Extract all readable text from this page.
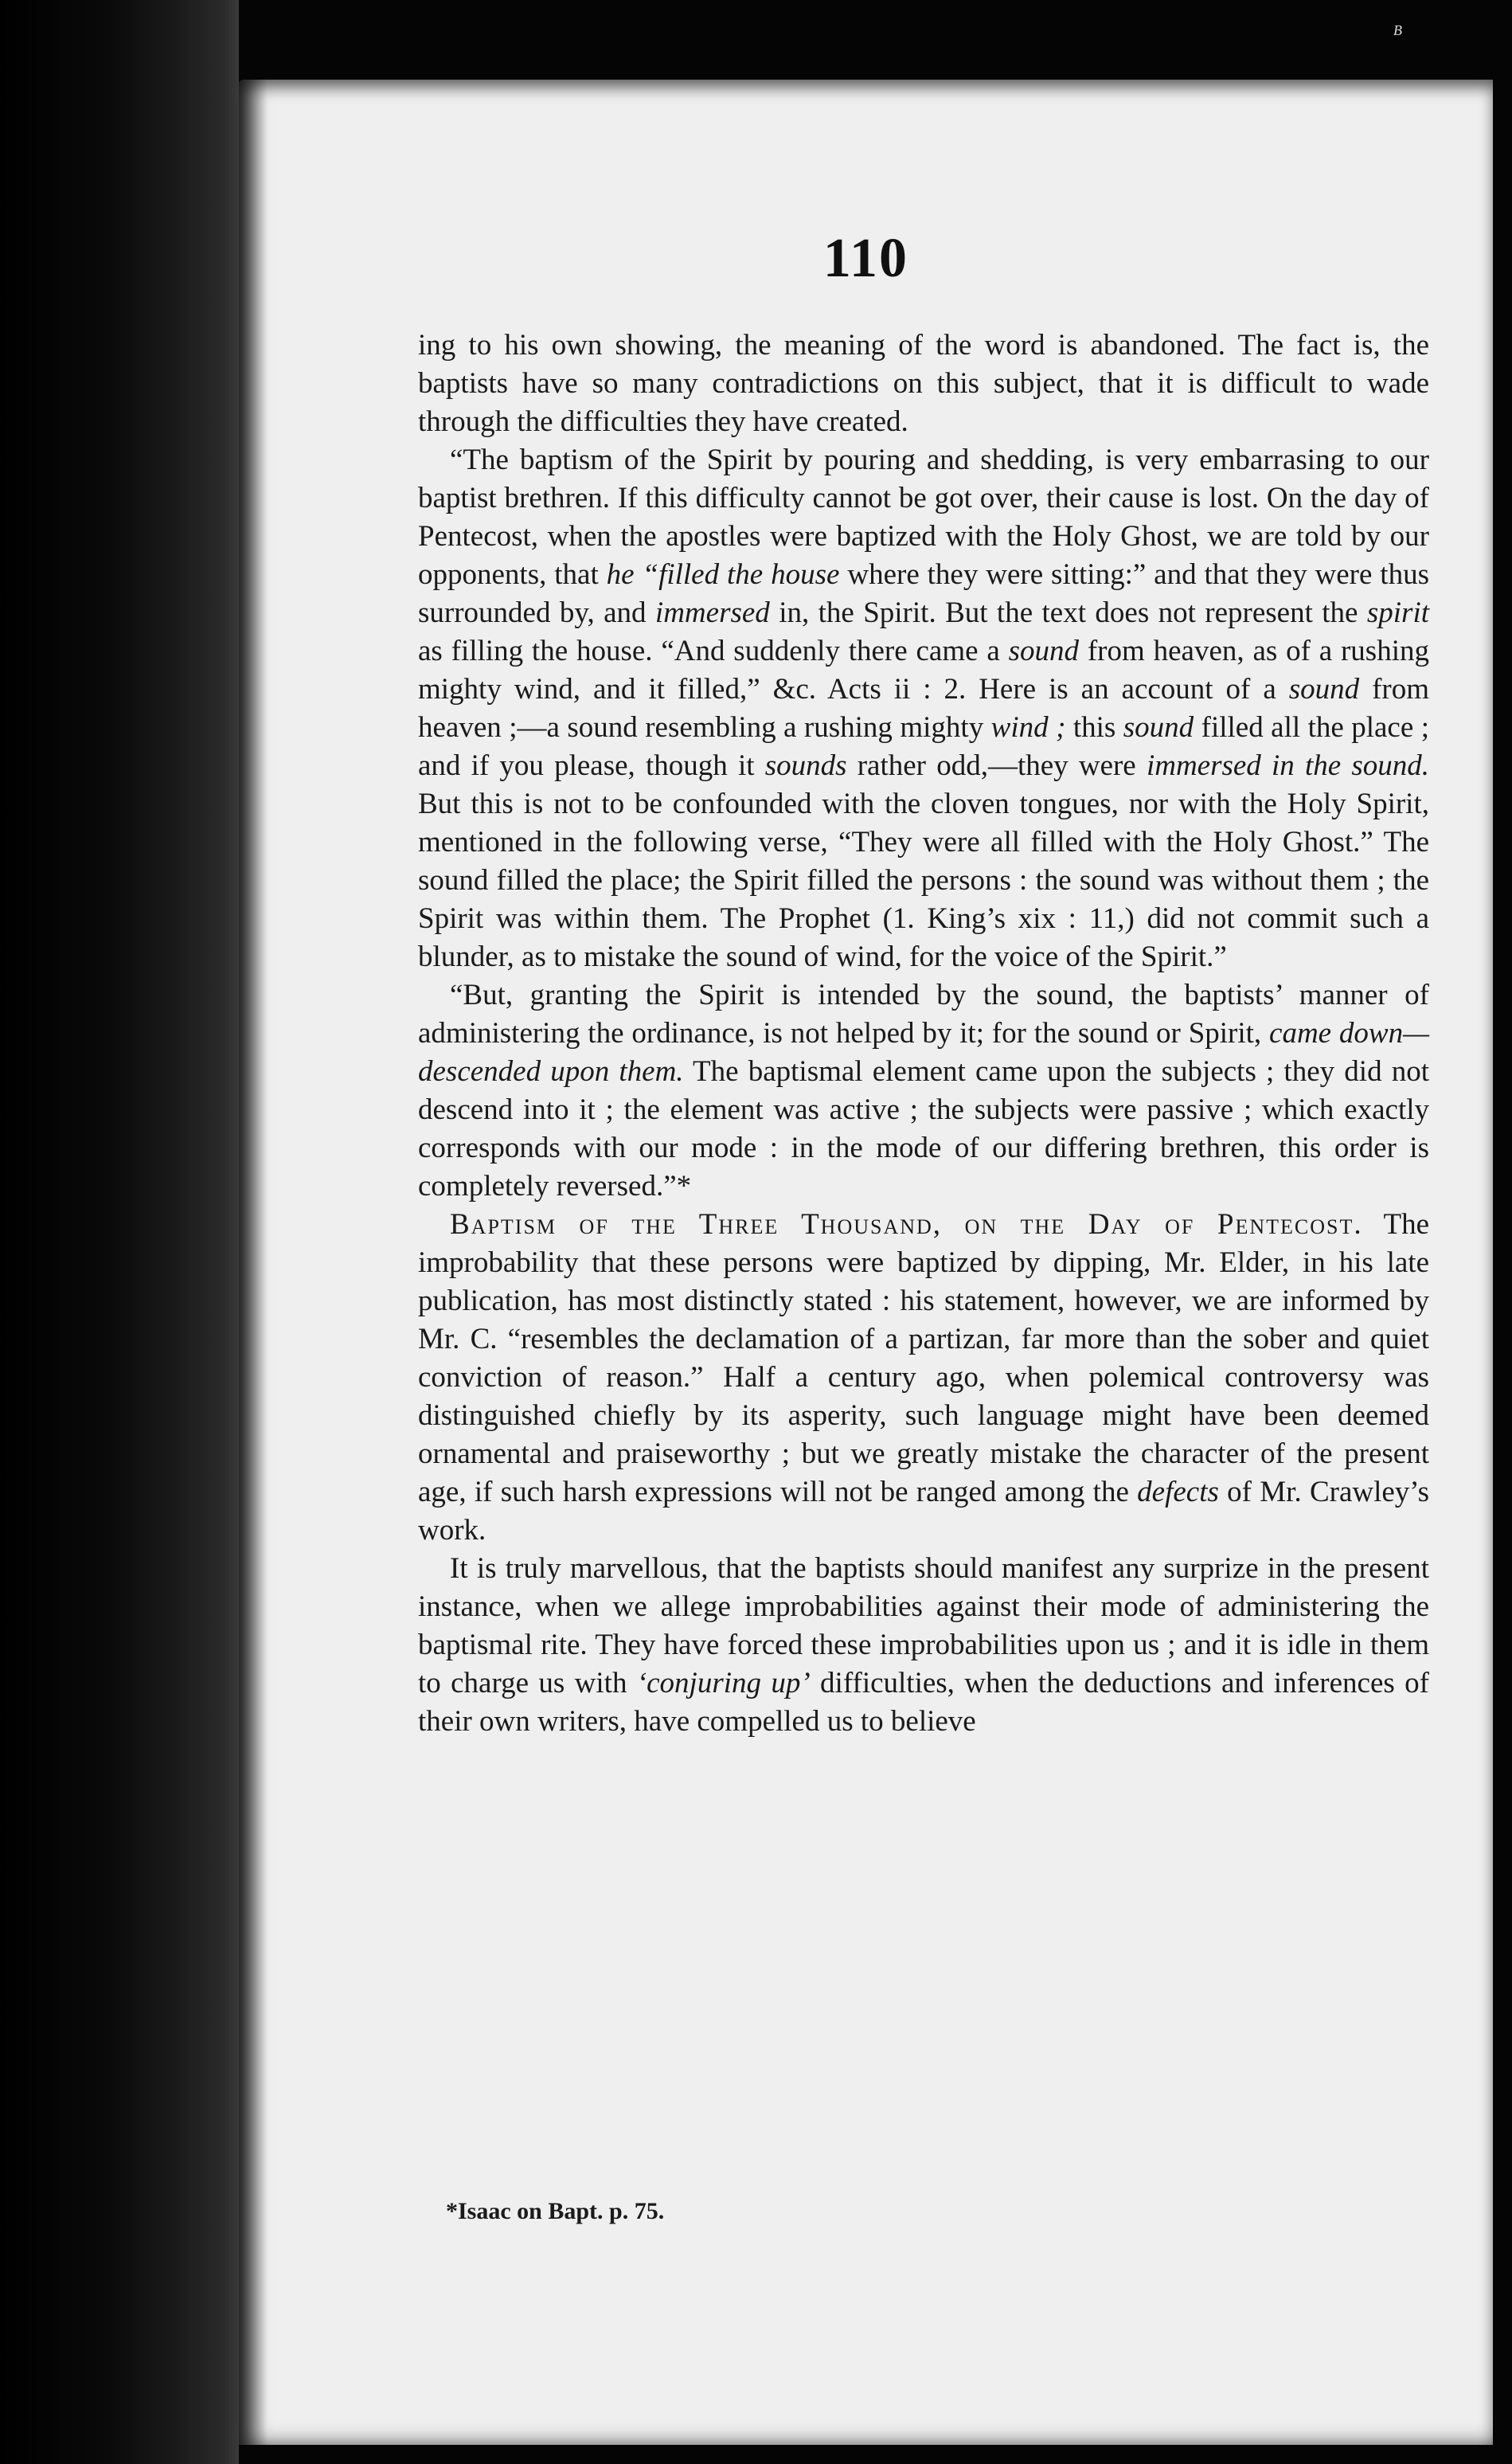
B
110

ing to his own showing, the meaning of the word is abandoned. The fact is, the baptists have so many contradictions on this subject, that it is difficult to wade through the difficulties they have created.

“The baptism of the Spirit by pouring and shedding, is very embarrasing to our baptist brethren. If this difficulty cannot be got over, their cause is lost. On the day of Pentecost, when the apostles were baptized with the Holy Ghost, we are told by our opponents, that he “filled the house where they were sitting:” and that they were thus surrounded by, and immersed in, the Spirit. But the text does not represent the spirit as filling the house. “And suddenly there came a sound from heaven, as of a rushing mighty wind, and it filled,” &c. Acts ii : 2. Here is an account of a sound from heaven ;—a sound resembling a rushing mighty wind ; this sound filled all the place ; and if you please, though it sounds rather odd,—they were immersed in the sound. But this is not to be confounded with the cloven tongues, nor with the Holy Spirit, mentioned in the following verse, “They were all filled with the Holy Ghost.” The sound filled the place; the Spirit filled the persons : the sound was without them ; the Spirit was within them. The Prophet (1. King’s xix : 11,) did not commit such a blunder, as to mistake the sound of wind, for the voice of the Spirit.”

“But, granting the Spirit is intended by the sound, the baptists’ manner of administering the ordinance, is not helped by it; for the sound or Spirit, came down—descended upon them. The baptismal element came upon the subjects ; they did not descend into it ; the element was active ; the subjects were passive ; which exactly corresponds with our mode : in the mode of our differing brethren, this order is completely reversed.”*

Baptism of the Three Thousand, on the Day of Pentecost. The improbability that these persons were baptized by dipping, Mr. Elder, in his late publication, has most distinctly stated : his statement, however, we are informed by Mr. C. “resembles the declamation of a partizan, far more than the sober and quiet conviction of reason.” Half a century ago, when polemical controversy was distinguished chiefly by its asperity, such language might have been deemed ornamental and praiseworthy ; but we greatly mistake the character of the present age, if such harsh expressions will not be ranged among the defects of Mr. Crawley’s work.

It is truly marvellous, that the baptists should manifest any surprize in the present instance, when we allege improbabilities against their mode of administering the baptismal rite. They have forced these improbabilities upon us ; and it is idle in them to charge us with ‘conjuring up’ difficulties, when the deductions and inferences of their own writers, have compelled us to believe

*Isaac on Bapt. p. 75.
